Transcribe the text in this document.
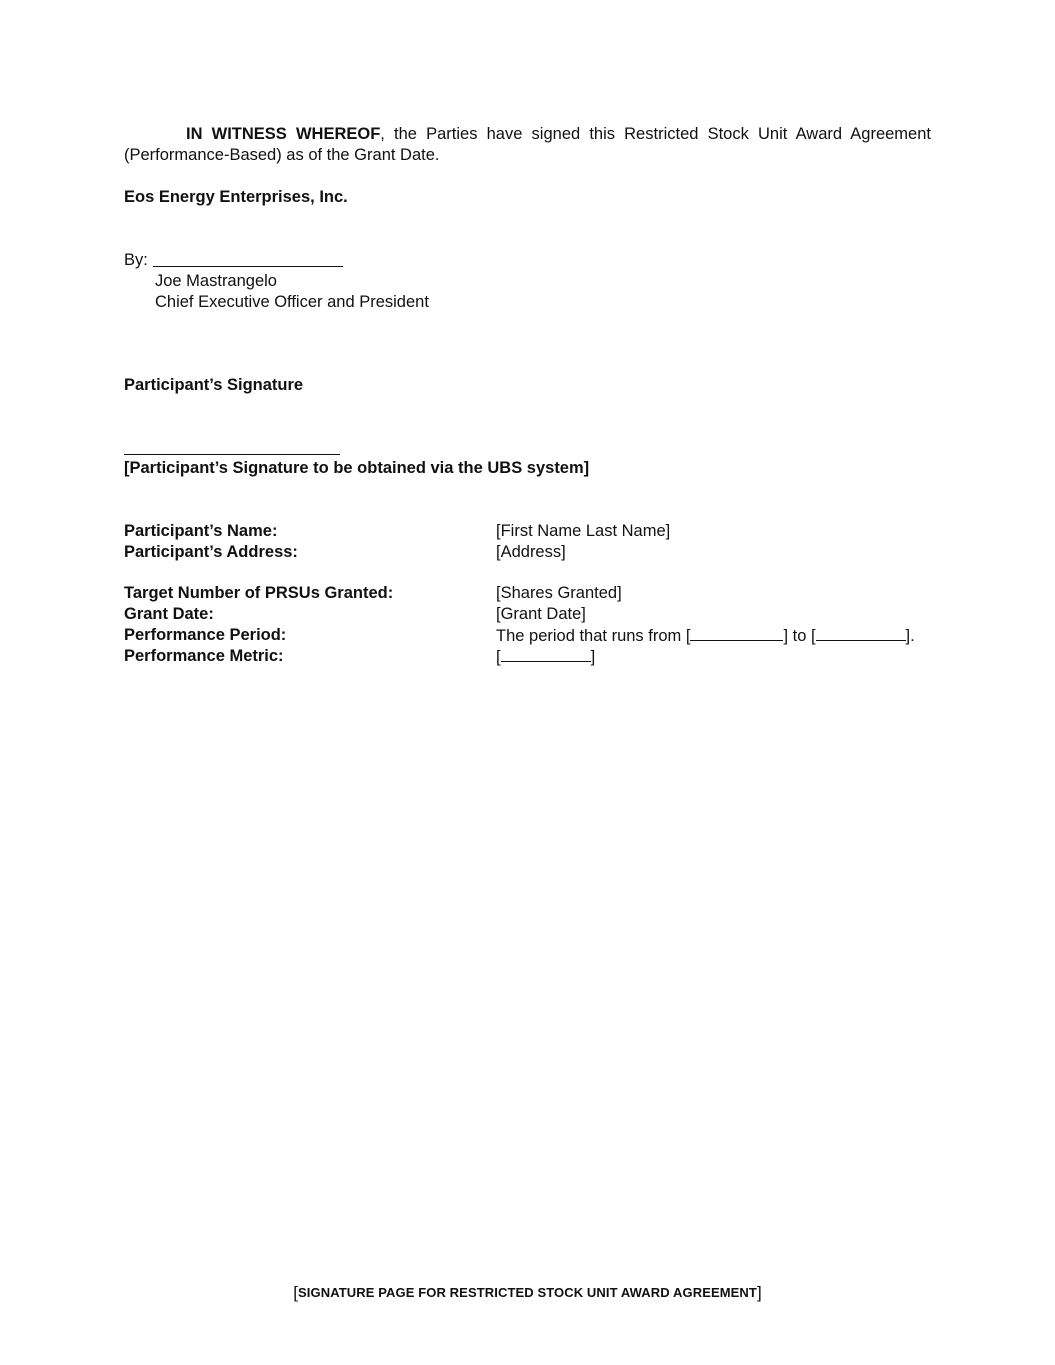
IN WITNESS WHEREOF, the Parties have signed this Restricted Stock Unit Award Agreement
(Performance-Based) as of the Grant Date.
Eos Energy Enterprises, Inc.
By:
Joe Mastrangelo
Chief Executive Officer and President
Participant’s Signature
[Participant’s Signature to be obtained via the UBS system]
Participant’s Name:	[First Name Last Name]
Participant’s Address:	[Address]
Target Number of PRSUs Granted:	[Shares Granted]
Grant Date:	[Grant Date]
Performance Period:	The period that runs from [	] to [	].
Performance Metric:	[	]
[SIGNATURE PAGE FOR RESTRICTED STOCK UNIT AWARD AGREEMENT]
